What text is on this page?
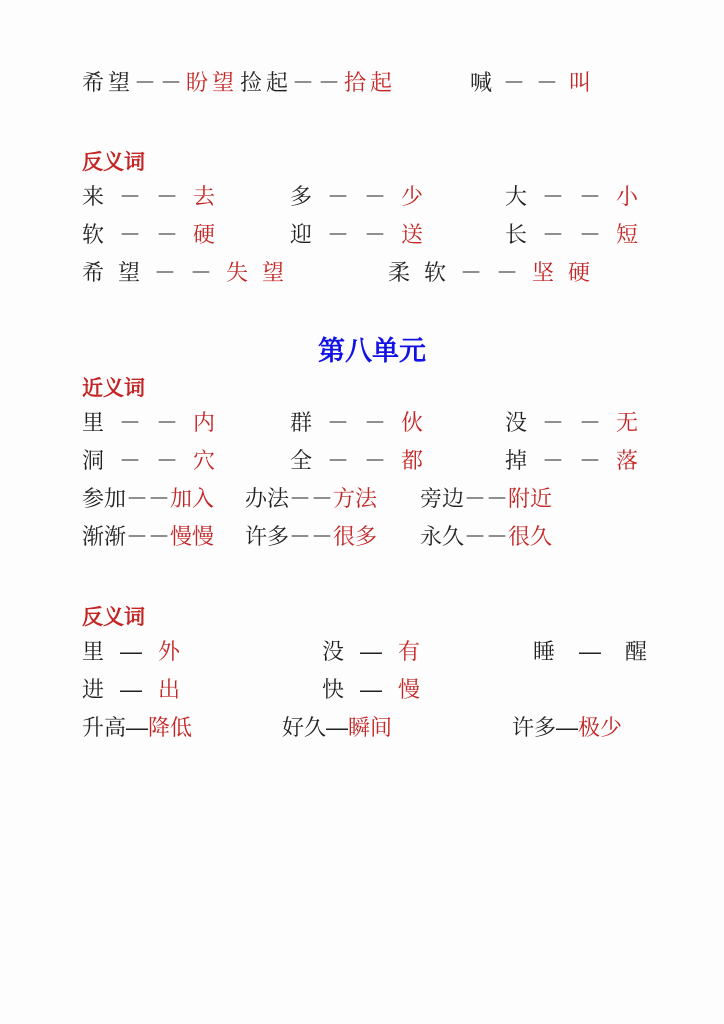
希望－－盼望 捡起－－拾起	喊－－叫
反义词
来－－去	多－－少	大－－小
软－－硬	迎－－送	长－－短
希望－－失望	柔软－－坚硬
第八单元
近义词
里－－内	群－－伙	没－－无
洞－－穴	全－－都	掉－－落
参加－－加入	办法－－方法	旁边－－附近
渐渐－－慢慢	许多－－很多	永久－－很久
反义词
里—外	没—有	睡—醒
进—出	快—慢
升高—降低	好久—瞬间	许多—极少
